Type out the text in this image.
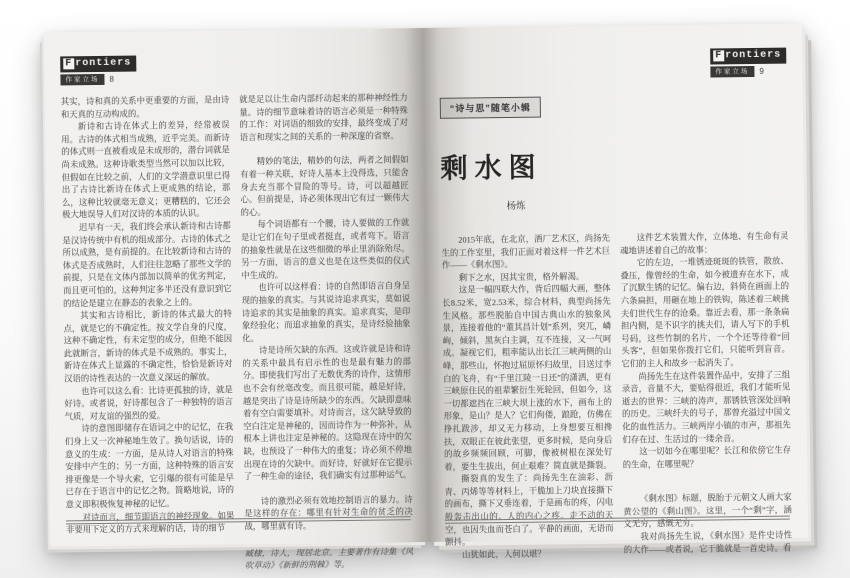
F rontiers
作家立场	8

其实，诗和真的关系中更重要的方面，是由诗和天真的互动构成的。

新诗和古诗在体式上的差异，经常被误用。古诗的体式相当成熟，近乎完美。而新诗的体式则一直被看成是未成形的，潜台词就是尚未成熟。这种诗歌类型当然可以加以比较，但假如在比较之前，人们的文学潜意识里已得出了古诗比新诗在体式上更成熟的结论，那么，这种比较就毫无意义；更糟糕的，它还会极大地误导人们对汉诗的本质的认识。

迟早有一天，我们终会承认新诗和古诗都是汉诗传统中有机的组成部分。古诗的体式之所以成熟，是有前提的。在比较新诗和古诗的体式是否成熟时，人们往往忽略了那些文学的前提，只是在文体内部加以简单的优劣判定，而且更可怕的，这种判定多半还没有意识到它的结论是建立在静态的表象之上的。

其实和古诗相比，新诗的体式最大的特点，就是它的不确定性。按文学自身的尺度，这种不确定性，有未定型的成分，但绝不能因此就断言，新诗的体式是不成熟的。事实上，新诗在体式上显露的不确定性，恰恰是新诗对汉语的诗性表达的一次意义深远的解放。

也许可以这么看：比诗更孤独的诗，就是好诗。或者说，好诗都包含了一种独特的语言气质，对友谊的强烈的爱。

诗的意图即储存在语词之中的记忆，在我们身上又一次神秘地生效了。换句话说，诗的意义的生成：一方面，是从诗人对语言的特殊安排中产生的；另一方面，这种特殊的语言安排更像是一个导火索，它引爆的很有可能是早已存在于语言中的记忆之物。简略地说，诗的意义即积极恢复神秘的记忆。

对诗而言，细节即语言的神经现象。如果非要用下定义的方式来理解的话，诗的细节

就是足以让生命内部纤动起来的那种神经性力量。诗的细节意味着诗的语言必须是一种特殊的工作：对词语的细致的安排，最终变成了对语言和现实之间的关系的一种深邃的省察。

精妙的笔法，精妙的句法，两者之间假如有着一种关联，好诗人基本上没得选，只能舍身去充当那个冒险的等号。诗，可以超越匠心。但前提是，诗必须体现出它有过一颗伟大的心。

每个词语都有一个腰，诗人要做的工作就是让它们在句子里或者挺直，或者弯下。语言的抽象性就是在这些细微的举止里消除殆尽。另一方面，语言的意义也是在这些类似的仪式中生成的。

也许可以这样看：诗的自然即语言自身呈现的抽象的真实。与其说诗追求真实，莫如说诗追求的其实是抽象的真实。追求真实，是印象经验化；而追求抽象的真实，是诗经验抽象化。

诗是诗所欠缺的东西。这或许就是诗和诗的关系中最具有启示性的也是最有魅力的部分。即使我们写出了无数优秀的诗作，这情形也不会有丝毫改变。而且很可能，越是好诗，越是突出了诗是诗所缺少的东西。欠缺即意味着有空白需要填补。对诗而言，这欠缺导致的空白注定是神秘的，因而诗作为一种弥补，从根本上讲也注定是神秘的。这隐现在诗中的欠缺，也预设了一种伟大的重复；诗必须不停地出现在诗的欠缺中。而好诗，好就好在它提示了一种生命的途径，我们确实有过那种运气。

诗的激烈必须有效地控制语言的暴力。诗是这样的存在：哪里有针对生命的贫乏的决战，哪里就有诗。

臧棣，诗人，现居北京。主要著作有诗集《风吹草动》《新鲜的荆棘》等。

F rontiers
作家立场	9
“诗与思”随笔小辑
剩水图
杨炼

2015年底，在北京，酒厂艺术区，尚扬先生的工作室里，我们正面对着这样一件艺术巨作——《剩水图》。

剩下之水，因其宝贵，格外解渴。

这是一幅四联大作，背后四幅大画，整体长8.52米，宽2.53米，综合材料，典型尚扬先生风格。那些脱胎自中国古典山水的独象风景，连接着他的“董其昌计划”系列，突兀，嶙峋，倾斜，黑灰白主调，互不连接，又一气呵成。凝视它们，粗率能认出长江三峡两侧的山峰，那些山，怀抱过屈原怀归故里，目送过李白的飞舟，有“千里江陵一日还”的潇洒，更有三峡原住民的祖辈繁衍生死轮回，但如今，这一切都遮挡在三峡大坝上涨的水下，画布上的形象，是山？是人？它们佝偻，踉跄，仿佛在挣扎跋涉，却又无力移动，上身想要互相搀扶，双眼正在彼此张望，更多时候，是向身后的故乡频频回顾，可脚，像被树根在深处钉着，要生生拔出，何止艰难？简直就是撕裂。

撕裂真的发生了：尚扬先生在油彩、沥青、丙烯等等材料上，干脆加上刀块直接撕下的画布，撕下又垂连着，于是画布的疼，闪电般轰击出山的、人的内心之疼。走不动的天空，也因失血而苍白了。平静的画面，无语而颤抖。

山犹如此，人何以堪？

这件艺术装置大作，立体地、有生命有灵魂地讲述着自己的故事：

它的左边，一堆锈迹斑斑的铁管，散放、叠压，像曾经的生命，如今被遗弃在水下，成了沉默生锈的记忆。偏右边，斜倚在画面上的六条扁担，用砸在地上的铁钩，陈述着三峡挑夫们世代生存的沧桑。靠近去看，那一条条扁担内侧，是不识字的挑夫们，请人写下的手机号码，这些竹制的名片，一个个还等待着“回头客”，但如果你拨打它们，只能听到盲音。它们的主人和故乡一起消失了。

尚扬先生在这件装置作品中，安排了三组录音，音量不大，要贴得很近，我们才能听见逝去的世界：三峡的涛声，那锈铁管深处回响的历史。三峡纤夫的号子，那曾充溢过中国文化的血性活力。三峡两岸小镇的市声，那祖先们存在过、生活过的一缕余音。

这一切如今在哪里呢？长江和依傍它生存的生命，在哪里呢？

《剩水图》标题，脱胎于元朝文人画大家黄公望的《剩山图》。这里，一个“剩”字，涵义无穷，感慨无穷。

我对尚扬先生说，《剩水图》是件史诗性的大作——或者说，它干脆就是一首史诗。看
